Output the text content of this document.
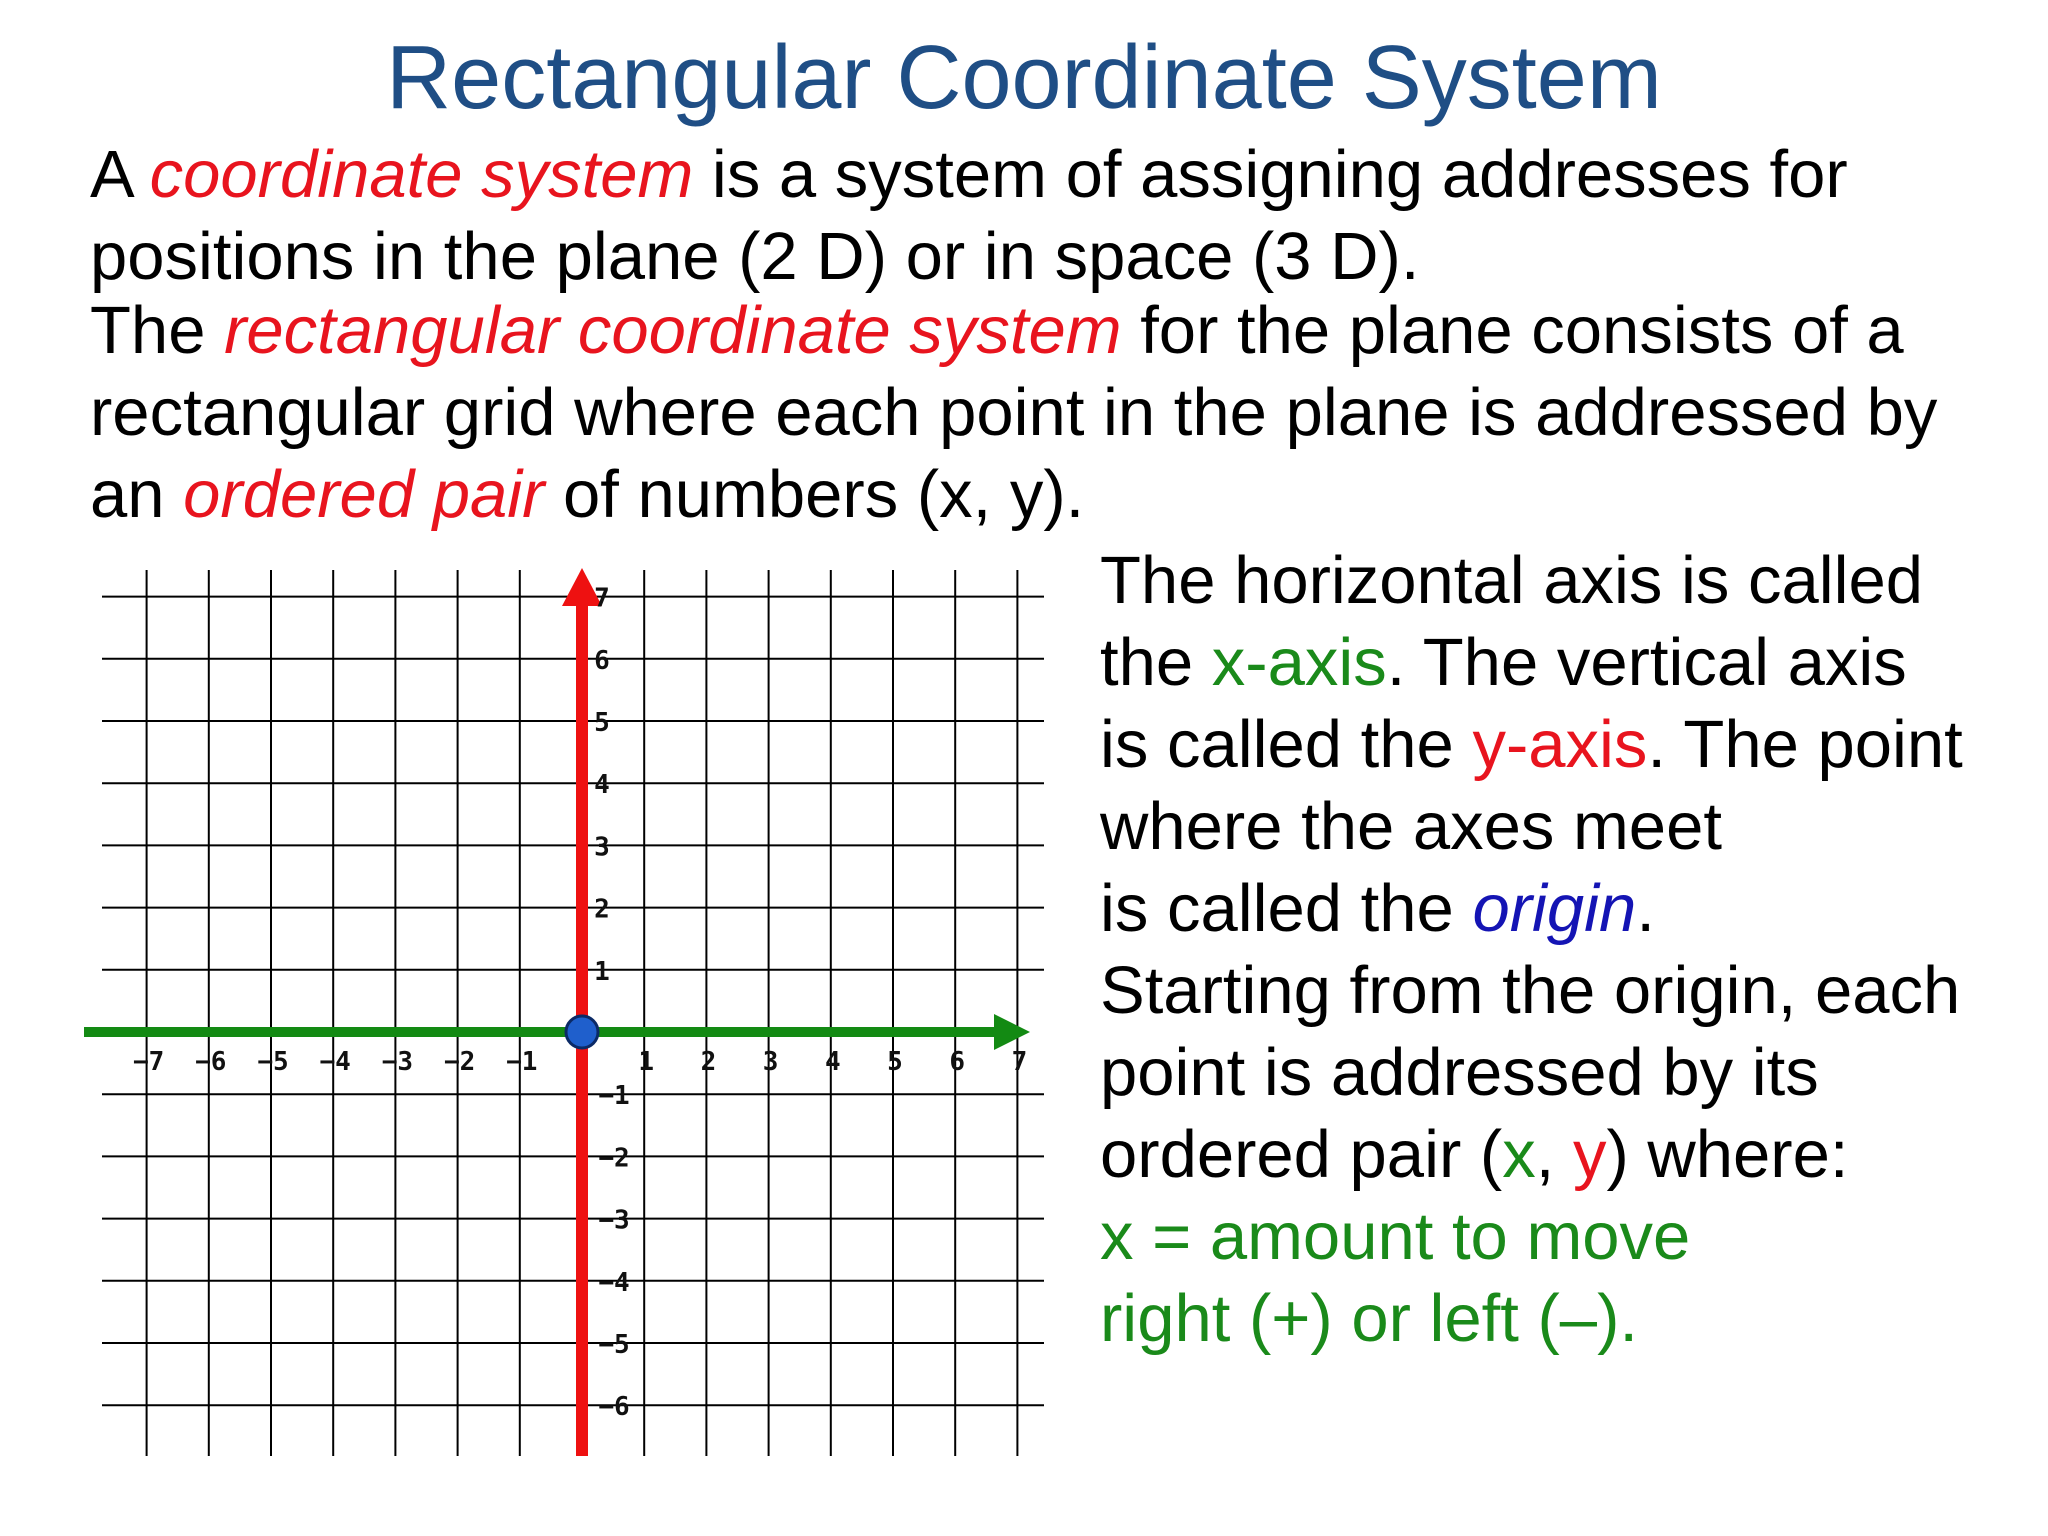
Rectangular Coordinate System
A coordinate system is a system of assigning addresses for
positions in the plane (2 D) or in space (3 D).
The rectangular coordinate system for the plane consists of a
rectangular grid where each point in the plane is addressed by
an ordered pair of numbers (x, y).
−7 −6 −5 −4 −3 −2 −1	1 2 3 4 5 6 7
1
2
3
4
5
6
7
−1
−2
−3
−4
−5
−6
The horizontal axis is called
the x-axis. The vertical axis
is called the y-axis. The point
where the axes meet
is called the origin.
Starting from the origin, each
point is addressed by its
ordered pair (x, y) where:
x = amount to move
right (+) or left (–).
